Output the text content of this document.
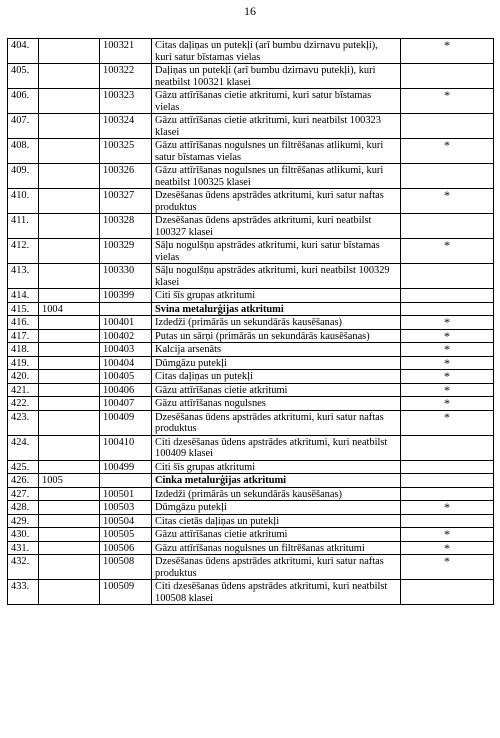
16
404.		100321	Citas daļiņas un putekļi (arī bumbu dzirnavu putekļi), kuri satur bīstamas vielas	*
405.		100322	Daļiņas un putekļi (arī bumbu dzirnavu putekļi), kuri neatbilst 100321 klasei	
406.		100323	Gāzu attīrīšanas cietie atkritumi, kuri satur bīstamas vielas	*
407.		100324	Gāzu attīrīšanas cietie atkritumi, kuri neatbilst 100323 klasei	
408.		100325	Gāzu attīrīšanas nogulsnes un filtrēšanas atlikumi, kuri satur bīstamas vielas	*
409.		100326	Gāzu attīrīšanas nogulsnes un filtrēšanas atlikumi, kuri neatbilst 100325 klasei	
410.		100327	Dzesēšanas ūdens apstrādes atkritumi, kuri satur naftas produktus	*
411.		100328	Dzesēšanas ūdens apstrādes atkritumi, kuri neatbilst 100327 klasei	
412.		100329	Sāļu nogulšņu apstrādes atkritumi, kuri satur bīstamas vielas	*
413.		100330	Sāļu nogulšņu apstrādes atkritumi, kuri neatbilst 100329 klasei	
414.		100399	Citi šīs grupas atkritumi	
415.	1004		Svina metalurģijas atkritumi	
416.		100401	Izdedži (primārās un sekundārās kausēšanas)	*
417.		100402	Putas un sārņi (primārās un sekundārās kausēšanas)	*
418.		100403	Kalcija arsenāts	*
419.		100404	Dūmgāzu putekļi	*
420.		100405	Citas daļiņas un putekļi	*
421.		100406	Gāzu attīrīšanas cietie atkritumi	*
422.		100407	Gāzu attīrīšanas nogulsnes	*
423.		100409	Dzesēšanas ūdens apstrādes atkritumi, kuri satur naftas produktus	*
424.		100410	Citi dzesēšanas ūdens apstrādes atkritumi, kuri neatbilst 100409 klasei	
425.		100499	Citi šīs grupas atkritumi	
426.	1005		Cinka metalurģijas atkritumi	
427.		100501	Izdedži (primārās un sekundārās kausēšanas)	
428.		100503	Dūmgāzu putekļi	*
429.		100504	Citas cietās daļiņas un putekļi	
430.		100505	Gāzu attīrīšanas cietie atkritumi	*
431.		100506	Gāzu attīrīšanas nogulsnes un filtrēšanas atkritumi	*
432.		100508	Dzesēšanas ūdens apstrādes atkritumi, kuri satur naftas produktus	*
433.		100509	Citi dzesēšanas ūdens apstrādes atkritumi, kuri neatbilst 100508 klasei	
